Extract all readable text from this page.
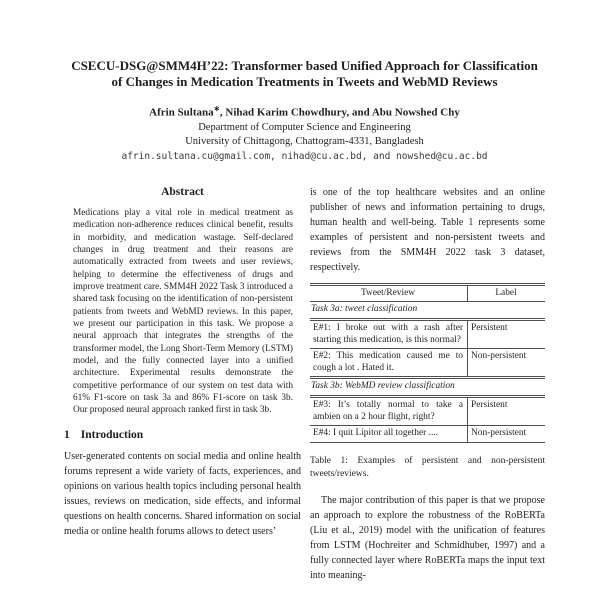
CSECU-DSG@SMM4H’22: Transformer based Unified Approach for Classification of Changes in Medication Treatments in Tweets and WebMD Reviews
Afrin Sultana∗, Nihad Karim Chowdhury, and Abu Nowshed Chy
Department of Computer Science and Engineering
University of Chittagong, Chattogram-4331, Bangladesh
afrin.sultana.cu@gmail.com, nihad@cu.ac.bd, and nowshed@cu.ac.bd
Abstract
Medications play a vital role in medical treatment as medication non-adherence reduces clinical benefit, results in morbidity, and medication wastage. Self-declared changes in drug treatment and their reasons are automatically extracted from tweets and user reviews, helping to determine the effectiveness of drugs and improve treatment care. SMM4H 2022 Task 3 introduced a shared task focusing on the identification of non-persistent patients from tweets and WebMD reviews. In this paper, we present our participation in this task. We propose a neural approach that integrates the strengths of the transformer model, the Long Short-Term Memory (LSTM) model, and the fully connected layer into a unified architecture. Experimental results demonstrate the competitive performance of our system on test data with 61% F1-score on task 3a and 86% F1-score on task 3b. Our proposed neural approach ranked first in task 3b.
1 Introduction
User-generated contents on social media and online health forums represent a wide variety of facts, experiences, and opinions on various health topics including personal health issues, reviews on medication, side effects, and informal questions on health concerns. Shared information on social media or online health forums allows to detect users’
is one of the top healthcare websites and an online publisher of news and information pertaining to drugs, human health and well-being. Table 1 represents some examples of persistent and non-persistent tweets and reviews from the SMM4H 2022 task 3 dataset, respectively.
Tweet/Review	Label
Task 3a: tweet classification	
E#1: I broke out with a rash after starting this medication, is this normal?	Persistent
E#2: This medication caused me to cough a lot . Hated it.	Non-persistent
Task 3b: WebMD review classification	
E#3: It’s totally normal to take a ambien on a 2 hour flight, right?	Persistent
E#4: I quit Lipitor all together ....	Non-persistent
Table 1: Examples of persistent and non-persistent tweets/reviews.
The major contribution of this paper is that we propose an approach to explore the robustness of the RoBERTa (Liu et al., 2019) model with the unification of features from LSTM (Hochreiter and Schmidhuber, 1997) and a fully connected layer where RoBERTa maps the input text into meaning-
